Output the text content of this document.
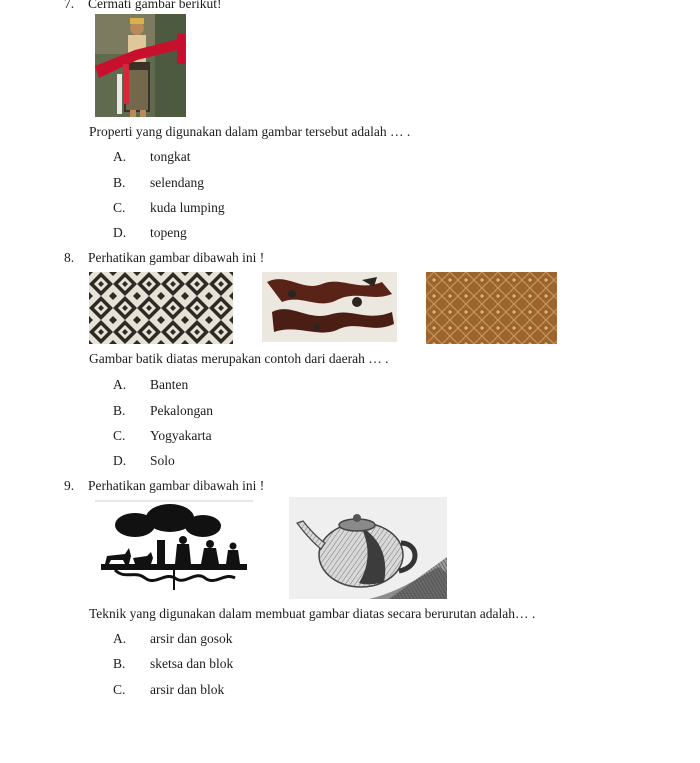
7. Cermati gambar berikut!
Properti yang digunakan dalam gambar tersebut adalah … .
A. tongkat
B. selendang
C. kuda lumping
D. topeng
8. Perhatikan gambar dibawah ini !
Gambar batik diatas merupakan contoh dari daerah … .
A. Banten
B. Pekalongan
C. Yogyakarta
D. Solo
9. Perhatikan gambar dibawah ini !
Teknik yang digunakan dalam membuat gambar diatas secara berurutan adalah… .
A. arsir dan gosok
B. sketsa dan blok
C. arsir dan blok
